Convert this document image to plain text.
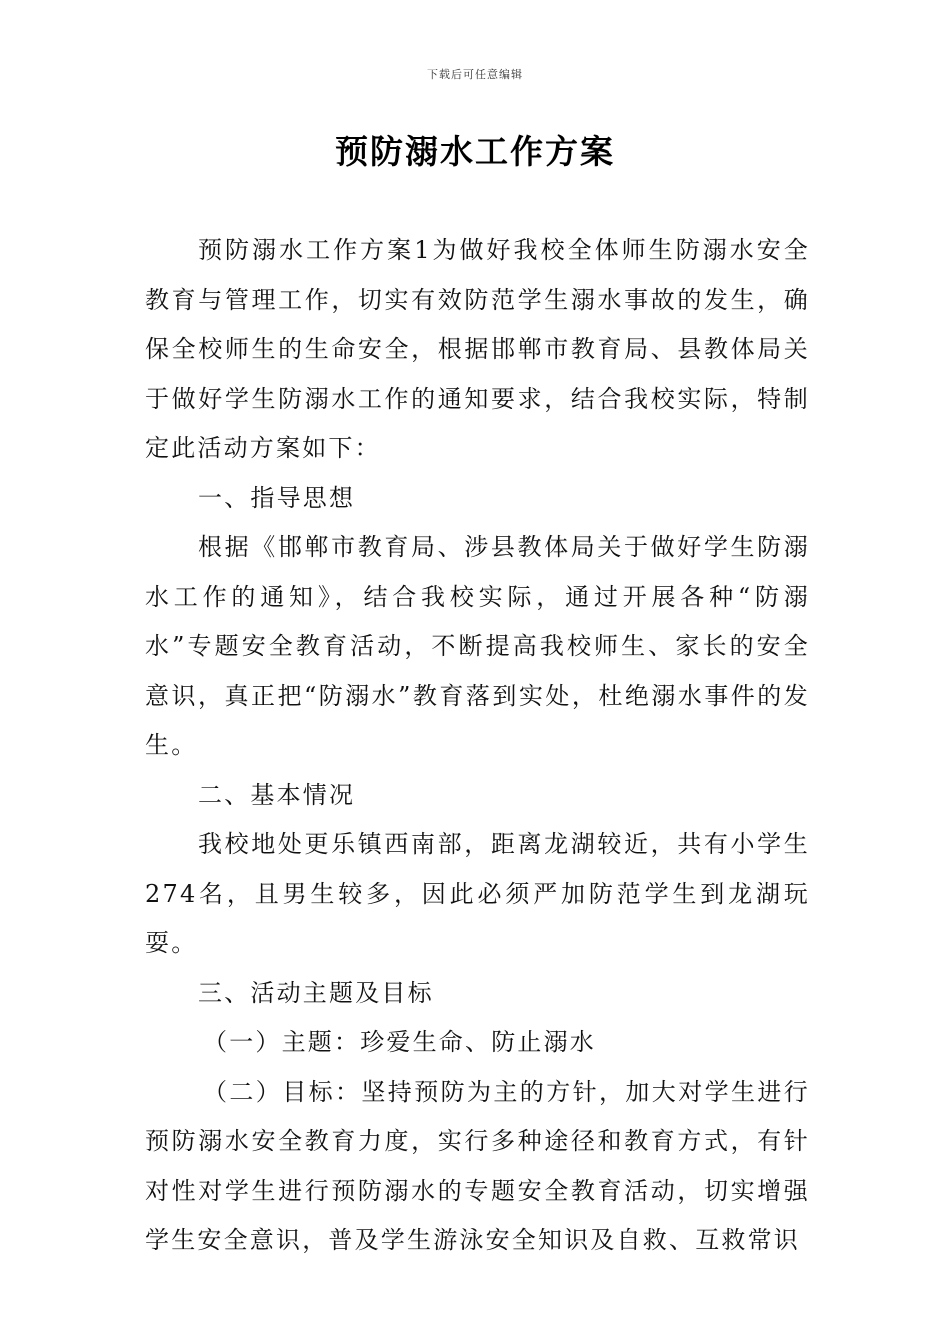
下载后可任意编辑
预防溺水工作方案

预防溺水工作方案1为做好我校全体师生防溺水安全教育与管理工作，切实有效防范学生溺水事故的发生，确保全校师生的生命安全，根据邯郸市教育局、县教体局关于做好学生防溺水工作的通知要求，结合我校实际，特制定此活动方案如下：

一、指导思想

根据《邯郸市教育局、涉县教体局关于做好学生防溺水工作的通知》，结合我校实际，通过开展各种“防溺水”专题安全教育活动，不断提高我校师生、家长的安全意识，真正把“防溺水”教育落到实处，杜绝溺水事件的发生。

二、基本情况

我校地处更乐镇西南部，距离龙湖较近，共有小学生274名，且男生较多，因此必须严加防范学生到龙湖玩耍。

三、活动主题及目标

（一）主题：珍爱生命、防止溺水

（二）目标：坚持预防为主的方针，加大对学生进行预防溺水安全教育力度，实行多种途径和教育方式，有针对性对学生进行预防溺水的专题安全教育活动，切实增强学生安全意识，普及学生游泳安全知识及自救、互救常识
